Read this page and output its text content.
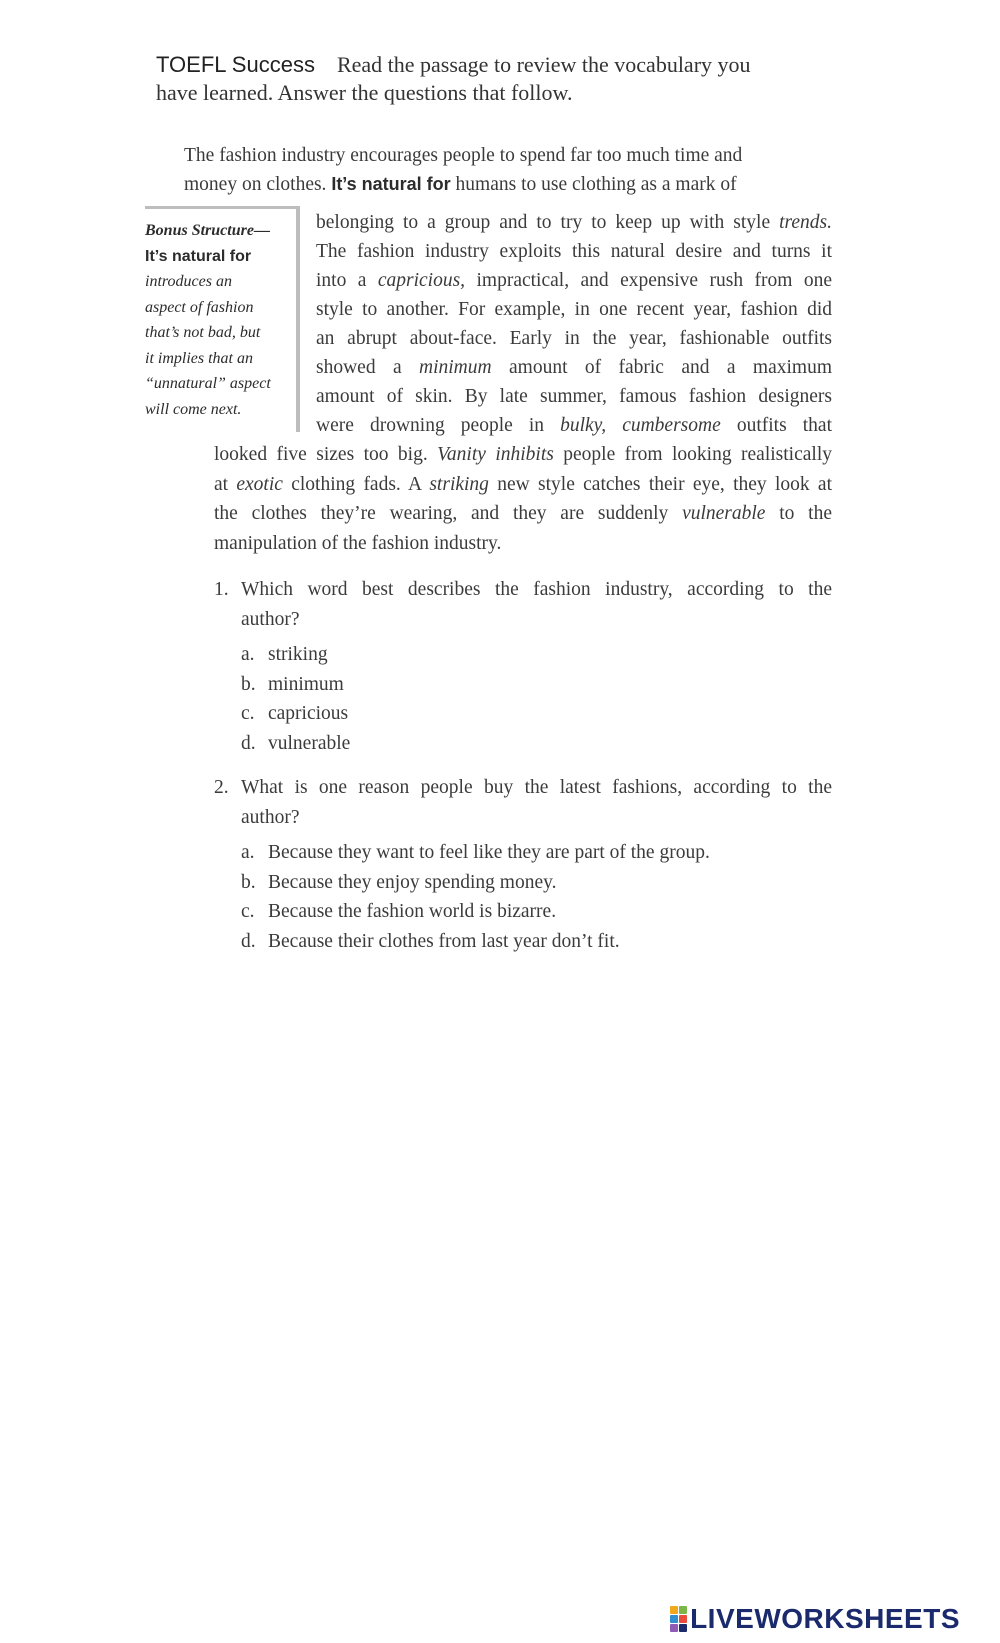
TOEFL Success Read the passage to review the vocabulary you
have learned. Answer the questions that follow.
The fashion industry encourages people to spend far too much time and
money on clothes. It’s natural for humans to use clothing as a mark of
Bonus Structure—
It’s natural for
introduces an
aspect of fashion
that’s not bad, but
it implies that an
“unnatural” aspect
will come next.
belonging to a group and to try to keep up with style trends.
The fashion industry exploits this natural desire and turns it
into a capricious, impractical, and expensive rush from one
style to another. For example, in one recent year, fashion did
an abrupt about-face. Early in the year, fashionable outfits
showed a minimum amount of fabric and a maximum
amount of skin. By late summer, famous fashion designers
were drowning people in bulky, cumbersome outfits that
looked five sizes too big. Vanity inhibits people from looking realistically
at exotic clothing fads. A striking new style catches their eye, they look at
the clothes they’re wearing, and they are suddenly vulnerable to the
manipulation of the fashion industry.
1. Which word best describes the fashion industry, according to the
author?
a. striking
b. minimum
c. capricious
d. vulnerable
2. What is one reason people buy the latest fashions, according to the
author?
a. Because they want to feel like they are part of the group.
b. Because they enjoy spending money.
c. Because the fashion world is bizarre.
d. Because their clothes from last year don’t fit.
LIVEWORKSHEETS
